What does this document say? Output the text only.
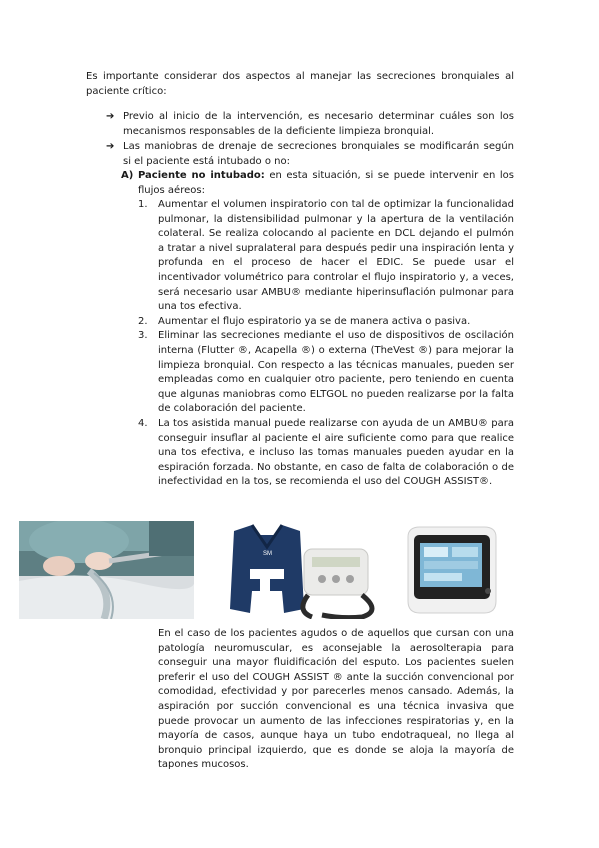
Es importante considerar dos aspectos al manejar las secreciones bronquiales al paciente crítico:

➔ Previo al inicio de la intervención, es necesario determinar cuáles son los mecanismos responsables de la deficiente limpieza bronquial.
➔ Las maniobras de drenaje de secreciones bronquiales se modificarán según si el paciente está intubado o no:
A) Paciente no intubado: en esta situación, si se puede intervenir en los flujos aéreos:
1. Aumentar el volumen inspiratorio con tal de optimizar la funcionalidad pulmonar, la distensibilidad pulmonar y la apertura de la ventilación colateral. Se realiza colocando al paciente en DCL dejando el pulmón a tratar a nivel supralateral para después pedir una inspiración lenta y profunda en el proceso de hacer el EDIC. Se puede usar el incentivador volumétrico para controlar el flujo inspiratorio y, a veces, será necesario usar AMBU® mediante hiperinsuflación pulmonar para una tos efectiva.
2. Aumentar el flujo espiratorio ya se de manera activa o pasiva.
3. Eliminar las secreciones mediante el uso de dispositivos de oscilación interna (Flutter ®, Acapella ®) o externa (TheVest ®) para mejorar la limpieza bronquial. Con respecto a las técnicas manuales, pueden ser empleadas como en cualquier otro paciente, pero teniendo en cuenta que algunas maniobras como ELTGOL no pueden realizarse por la falta de colaboración del paciente.
4. La tos asistida manual puede realizarse con ayuda de un AMBU® para conseguir insuflar al paciente el aire suficiente como para que realice una tos efectiva, e incluso las tomas manuales pueden ayudar en la espiración forzada. No obstante, en caso de falta de colaboración o de inefectividad en la tos, se recomienda el uso del COUGH ASSIST®.
SM

En el caso de los pacientes agudos o de aquellos que cursan con una patología neuromuscular, es aconsejable la aerosolterapia para conseguir una mayor fluidificación del esputo. Los pacientes suelen preferir el uso del COUGH ASSIST ® ante la succión convencional por comodidad, efectividad y por parecerles menos cansado. Además, la aspiración por succión convencional es una técnica invasiva que puede provocar un aumento de las infecciones respiratorias y, en la mayoría de casos, aunque haya un tubo endotraqueal, no llega al bronquio principal izquierdo, que es donde se aloja la mayoría de tapones mucosos.
